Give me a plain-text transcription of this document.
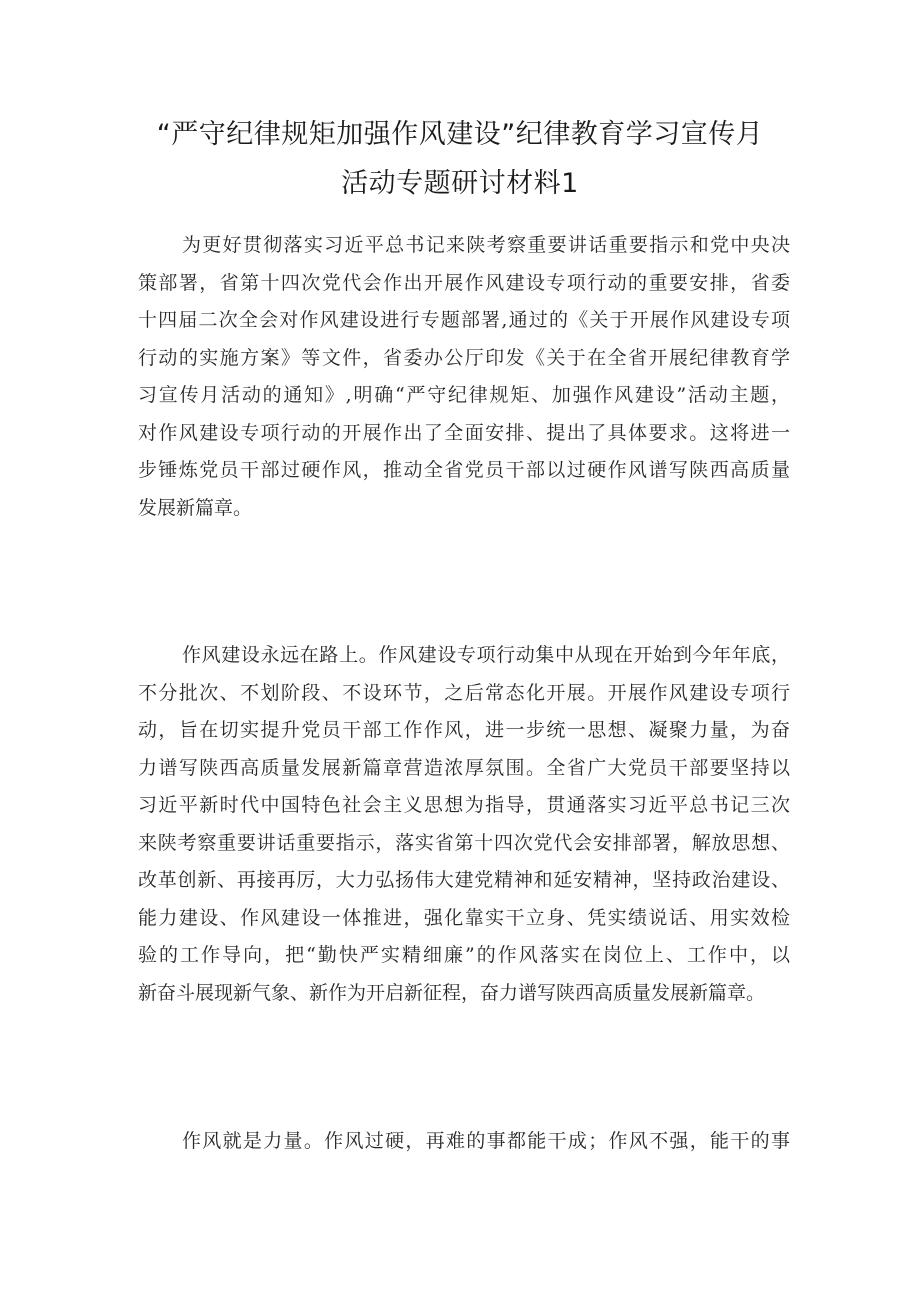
“严守纪律规矩加强作风建设”纪律教育学习宣传月
活动专题研讨材料1
为更好贯彻落实习近平总书记来陕考察重要讲话重要指示和党中央决
策部署，省第十四次党代会作出开展作风建设专项行动的重要安排，省委
十四届二次全会对作风建设进行专题部署,通过的《关于开展作风建设专项
行动的实施方案》等文件，省委办公厅印发《关于在全省开展纪律教育学
习宣传月活动的通知》,明确“严守纪律规矩、加强作风建设”活动主题，
对作风建设专项行动的开展作出了全面安排、提出了具体要求。这将进一
步锤炼党员干部过硬作风，推动全省党员干部以过硬作风谱写陕西高质量
发展新篇章。
作风建设永远在路上。作风建设专项行动集中从现在开始到今年年底，
不分批次、不划阶段、不设环节，之后常态化开展。开展作风建设专项行
动，旨在切实提升党员干部工作作风，进一步统一思想、凝聚力量，为奋
力谱写陕西高质量发展新篇章营造浓厚氛围。全省广大党员干部要坚持以
习近平新时代中国特色社会主义思想为指导，贯通落实习近平总书记三次
来陕考察重要讲话重要指示，落实省第十四次党代会安排部署，解放思想、
改革创新、再接再厉，大力弘扬伟大建党精神和延安精神，坚持政治建设、
能力建设、作风建设一体推进，强化靠实干立身、凭实绩说话、用实效检
验的工作导向，把“勤快严实精细廉”的作风落实在岗位上、工作中，以
新奋斗展现新气象、新作为开启新征程，奋力谱写陕西高质量发展新篇章。
作风就是力量。作风过硬，再难的事都能干成；作风不强，能干的事
